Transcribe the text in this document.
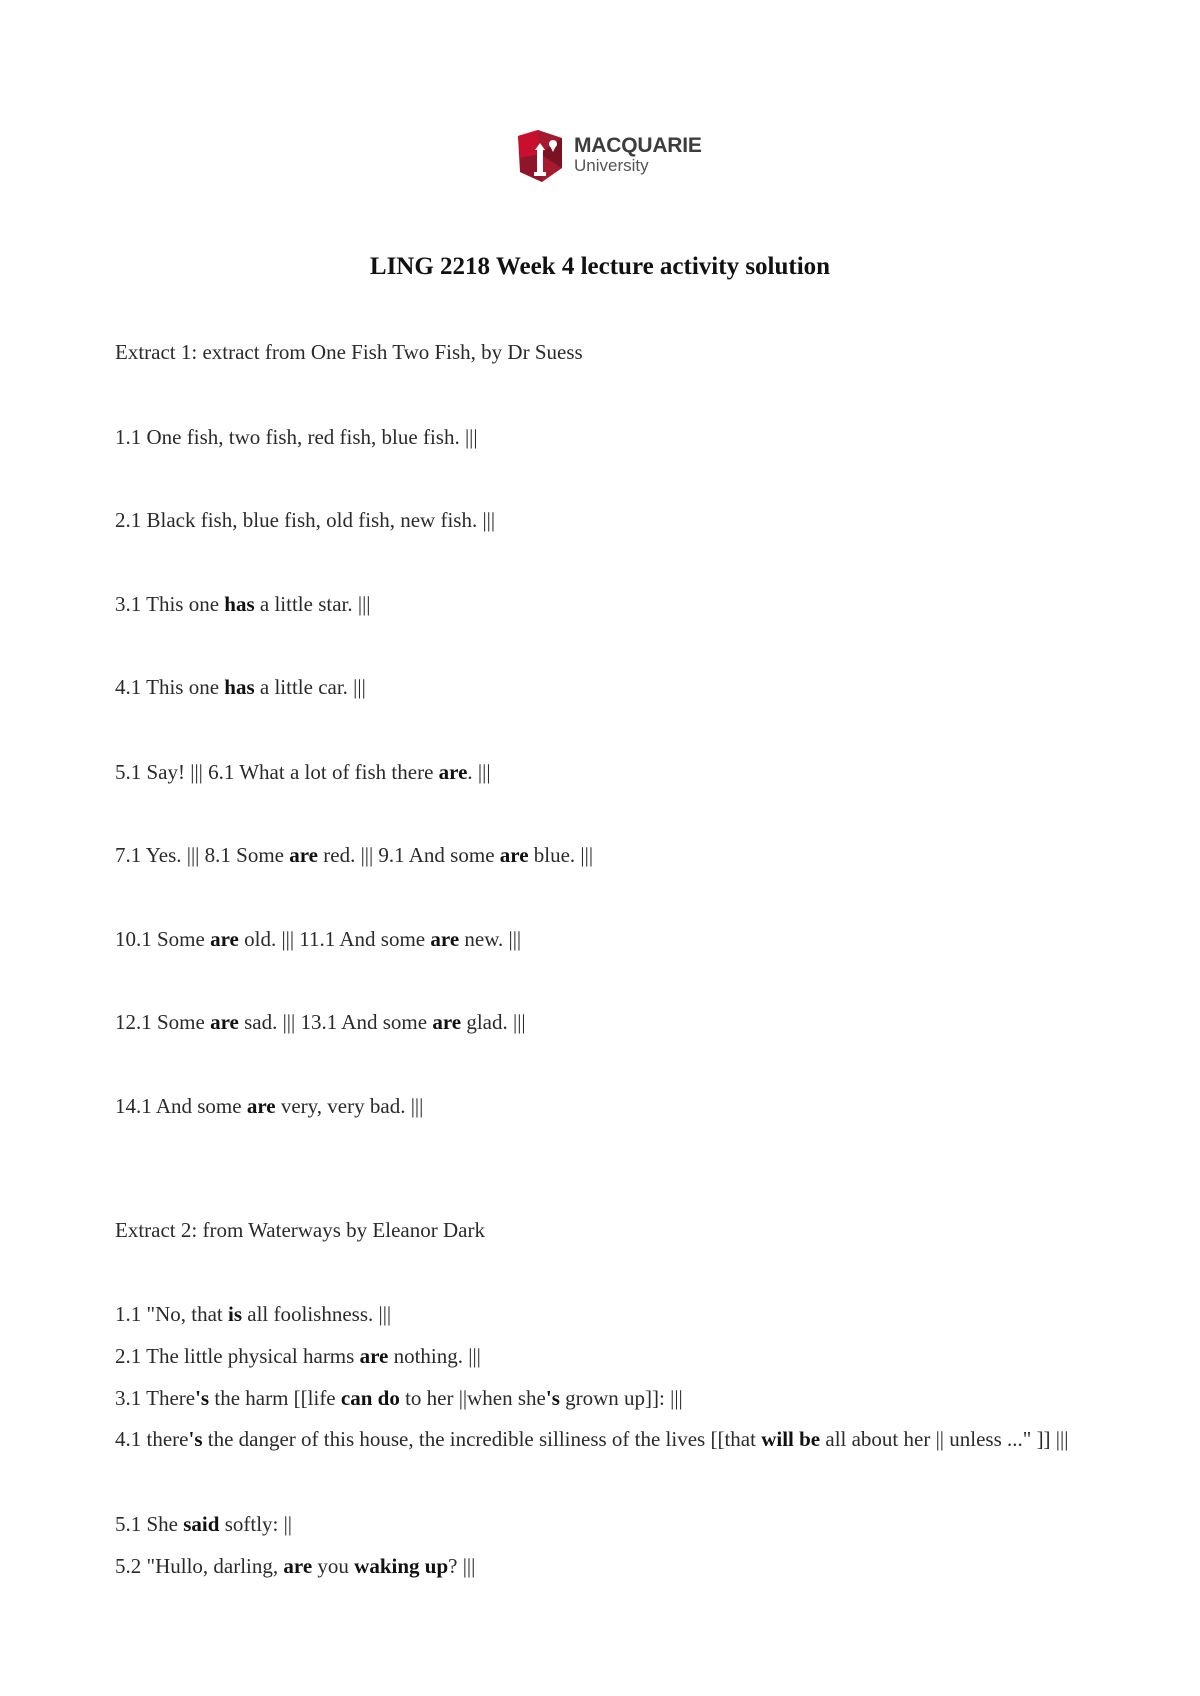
MACQUARIE
University
LING 2218 Week 4 lecture activity solution
Extract 1: extract from One Fish Two Fish, by Dr Suess
1.1 One fish, two fish, red fish, blue fish. |||
2.1 Black fish, blue fish, old fish, new fish. |||
3.1 This one has a little star. |||
4.1 This one has a little car. |||
5.1 Say! ||| 6.1 What a lot of fish there are. |||
7.1 Yes. ||| 8.1 Some are red. ||| 9.1 And some are blue. |||
10.1 Some are old. ||| 11.1 And some are new. |||
12.1 Some are sad. ||| 13.1 And some are glad. |||
14.1 And some are very, very bad. |||
Extract 2: from Waterways by Eleanor Dark
1.1 "No, that is all foolishness. |||
2.1 The little physical harms are nothing. |||
3.1 There's the harm [[life can do to her ||when she's grown up]]: |||
4.1 there's the danger of this house, the incredible silliness of the lives [[that will be all about her || unless ..." ]] |||
5.1 She said softly: ||
5.2 "Hullo, darling, are you waking up? |||
